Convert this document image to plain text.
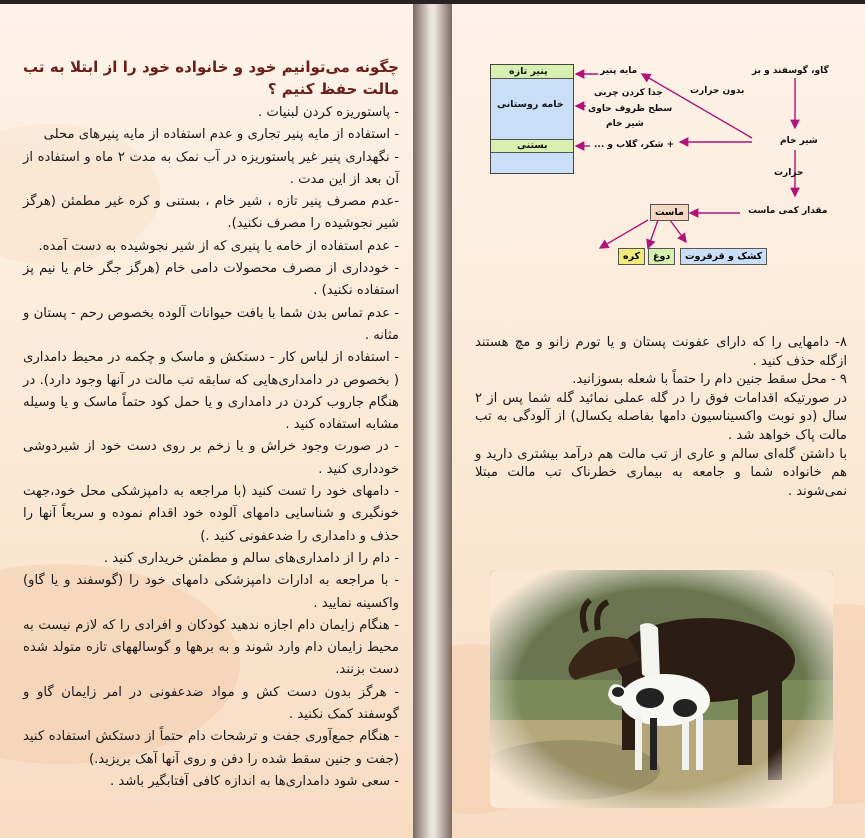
چگونه می‌توانیم خود و خانواده خود را از ابتلا به تب مالت حفظ کنیم ؟
- پاستوریزه کردن لبنیات .
- استفاده از مایه پنیر تجاری و عدم استفاده از مایه پنیرهای محلی
- نگهداری پنیر غیر پاستوریزه در آب نمک به مدت ۲ ماه و استفاده از آن بعد از این مدت .
-عدم مصرف پنیر تازه ، شیر خام ، بستنی و کره غیر مطمئن (هرگز شیر نجوشیده را مصرف نکنید).
- عدم استفاده از خامه یا پنیری که از شیر نجوشیده به دست آمده.
- خودداری از مصرف محصولات دامی خام (هرگز جگر خام یا نیم پز استفاده نکنید) .
- عدم تماس بدن شما با بافت حیوانات آلوده بخصوص رحم - پستان و مثانه .
- استفاده از لباس کار - دستکش و ماسک و چکمه در محیط دامداری ( بخصوص در دامداری‌هایی که سابقه تب مالت در آنها وجود دارد). در هنگام جاروب کردن در دامداری و یا حمل کود حتماً ماسک و یا وسیله مشابه استفاده کنید .
- در صورت وجود خراش و یا زخم بر روی دست خود از شیردوشی خودداری کنید .
- دامهای خود را تست کنید (با مراجعه به دامپزشکی محل خود،جهت خونگیری و شناسایی دامهای آلوده خود اقدام نموده و سریعاً آنها را حذف و دامداری را ضدعفونی کنید .)
- دام را از دامداری‌های سالم و مطمئن خریداری کنید .
- با مراجعه به ادارات دامپزشکی دامهای خود را (گوسفند و یا گاو) واکسینه نمایید .
- هنگام زایمان دام اجازه ندهید کودکان و افرادی را که لازم نیست به محیط زایمان دام وارد شوند و به برهها و گوسالههای تازه متولد شده دست بزنند.
- هرگز بدون دست کش و مواد ضدعفونی در امر زایمان گاو و گوسفند کمک نکنید .
- هنگام جمع‌آوری جفت و ترشحات دام حتماً از دستکش استفاده کنید (جفت و جنین سقط شده را دفن و روی آنها آهک بریزید.)
- سعی شود دامداری‌ها به اندازه کافی آفتابگیر باشد .
پنیر تازه
خامه روستانی
بستنی
گاو، گوسفند و بز
مایه پنیر
بدون حرارت
جدا کردن چربی
سطح ظروف حاوی
شیر خام
+ شکر، گلاب و ...	شیر خام
حرارت
مقدار کمی ماست
ماست
کشک و قرقروت
دوغ
کره
۸- دامهایی را که دارای عفونت پستان و یا تورم زانو و مچ هستند ازگله حذف کنید .
۹ - محل سقط جنین دام را حتماً با شعله بسوزانید.
در صورتیکه اقدامات فوق را در گله عملی نمائید گله شما پس از ۲ سال (دو نوبت واکسیناسیون دامها بفاصله یکسال) از آلودگی به تب مالت پاک خواهد شد .
با داشتن گله‌ای سالم و عاری از تب مالت هم درآمد بیشتری دارید و هم خانواده شما و جامعه به بیماری خطرناک تب مالت مبتلا نمی‌شوند .
